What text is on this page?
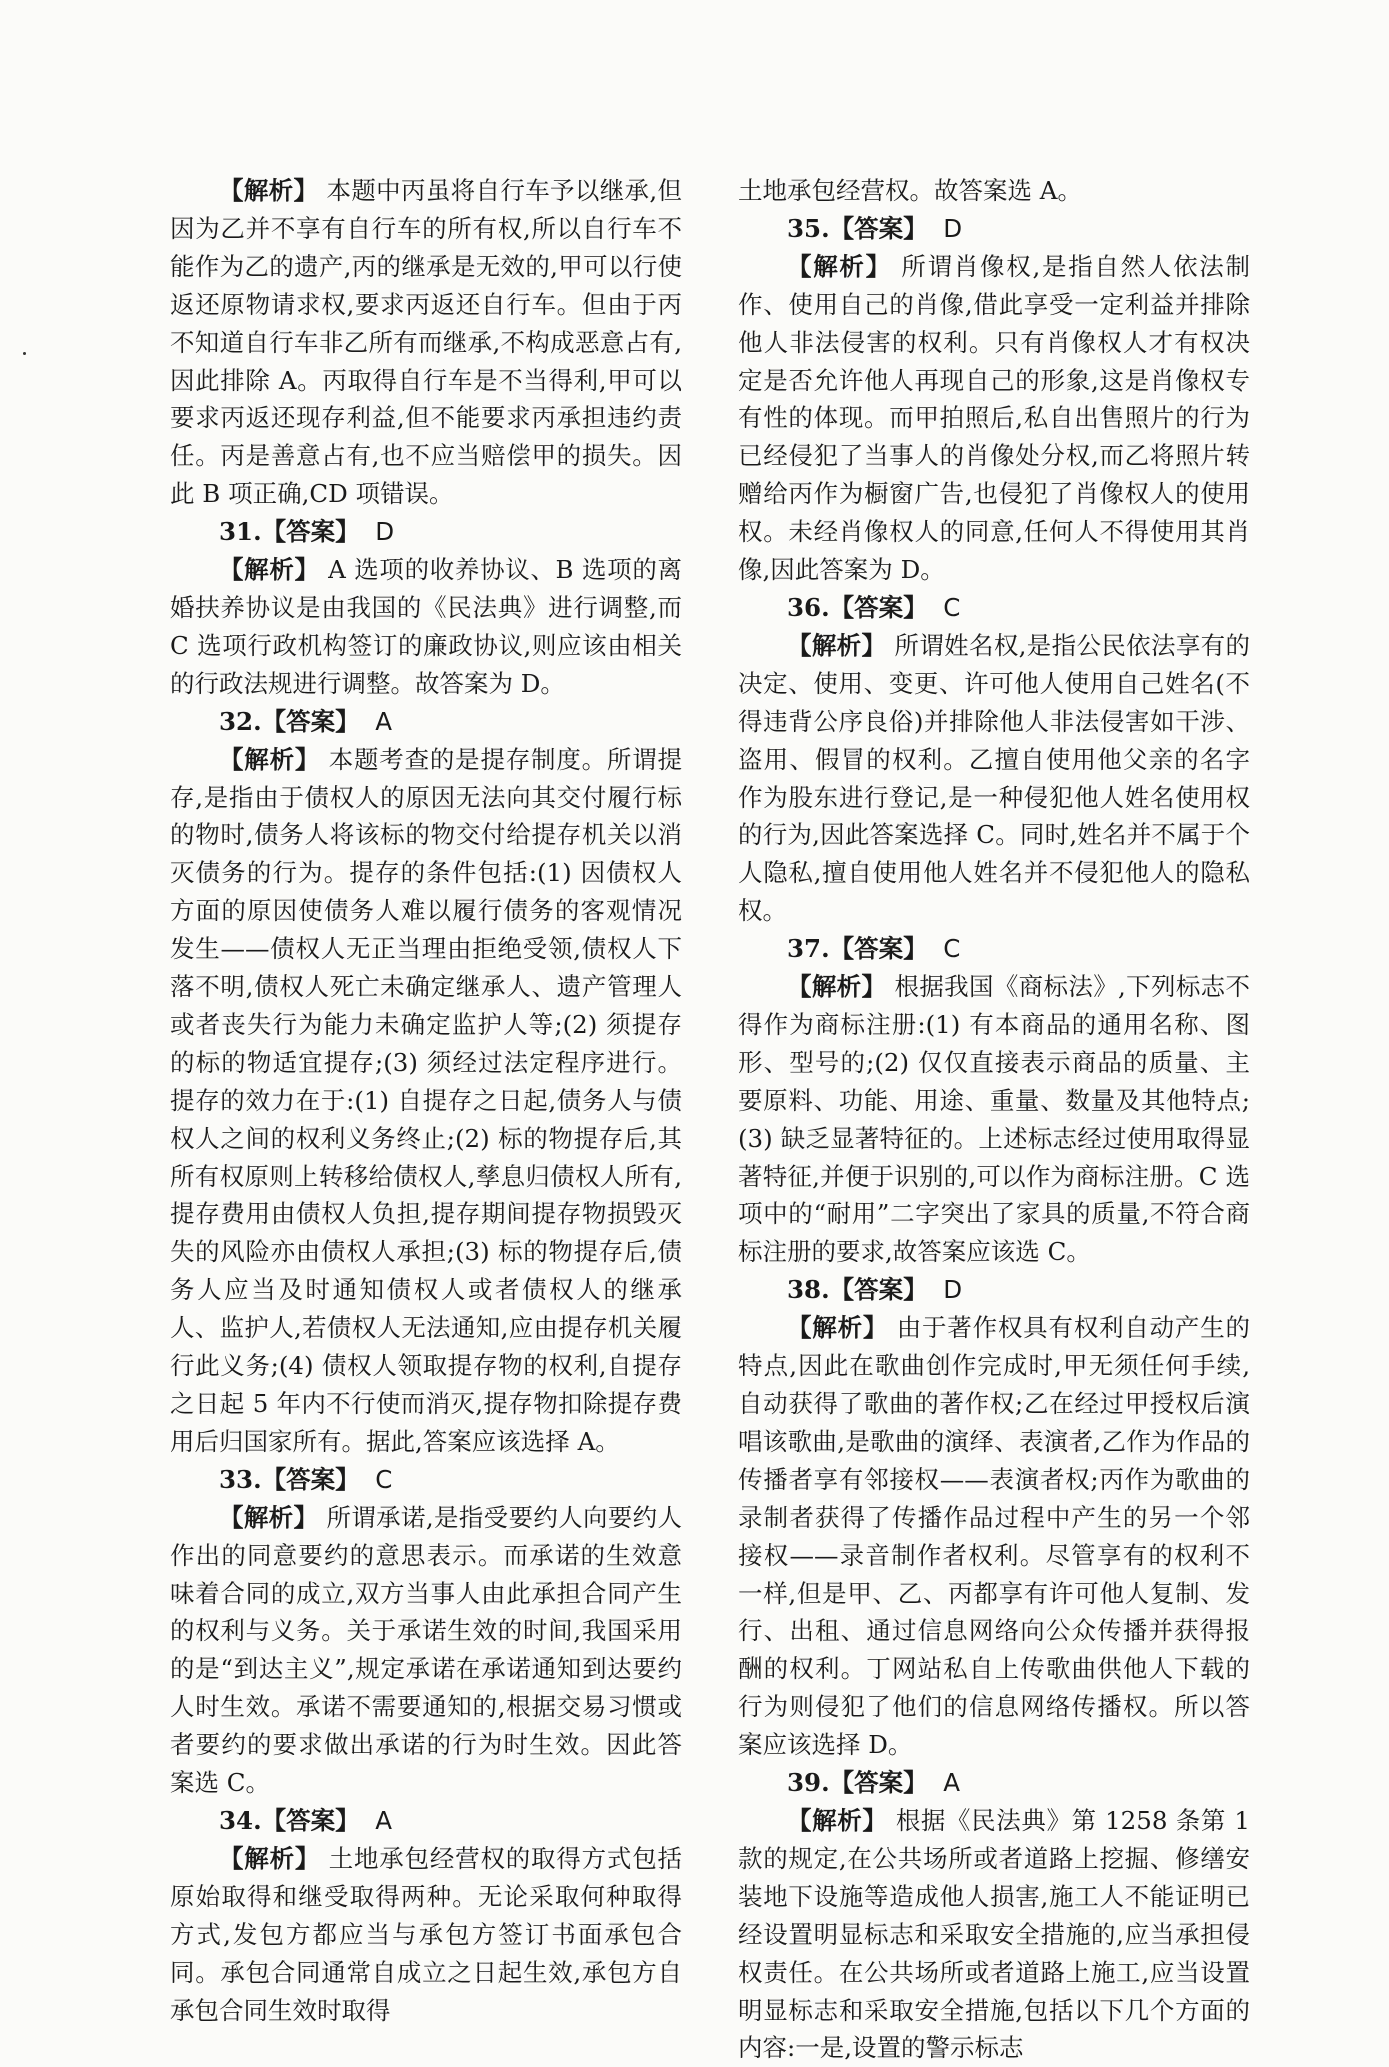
【解析】 本题中丙虽将自行车予以继承,但因为乙并不享有自行车的所有权,所以自行车不能作为乙的遗产,丙的继承是无效的,甲可以行使返还原物请求权,要求丙返还自行车。但由于丙不知道自行车非乙所有而继承,不构成恶意占有,因此排除 A。丙取得自行车是不当得利,甲可以要求丙返还现存利益,但不能要求丙承担违约责任。丙是善意占有,也不应当赔偿甲的损失。因此 B 项正确,CD 项错误。

31.【答案】 D

【解析】 A 选项的收养协议、B 选项的离婚扶养协议是由我国的《民法典》进行调整,而 C 选项行政机构签订的廉政协议,则应该由相关的行政法规进行调整。故答案为 D。

32.【答案】 A

【解析】 本题考查的是提存制度。所谓提存,是指由于债权人的原因无法向其交付履行标的物时,债务人将该标的物交付给提存机关以消灭债务的行为。提存的条件包括:(1) 因债权人方面的原因使债务人难以履行债务的客观情况发生——债权人无正当理由拒绝受领,债权人下落不明,债权人死亡未确定继承人、遗产管理人或者丧失行为能力未确定监护人等;(2) 须提存的标的物适宜提存;(3) 须经过法定程序进行。提存的效力在于:(1) 自提存之日起,债务人与债权人之间的权利义务终止;(2) 标的物提存后,其所有权原则上转移给债权人,孳息归债权人所有,提存费用由债权人负担,提存期间提存物损毁灭失的风险亦由债权人承担;(3) 标的物提存后,债务人应当及时通知债权人或者债权人的继承人、监护人,若债权人无法通知,应由提存机关履行此义务;(4) 债权人领取提存物的权利,自提存之日起 5 年内不行使而消灭,提存物扣除提存费用后归国家所有。据此,答案应该选择 A。

33.【答案】 C

【解析】 所谓承诺,是指受要约人向要约人作出的同意要约的意思表示。而承诺的生效意味着合同的成立,双方当事人由此承担合同产生的权利与义务。关于承诺生效的时间,我国采用的是“到达主义”,规定承诺在承诺通知到达要约人时生效。承诺不需要通知的,根据交易习惯或者要约的要求做出承诺的行为时生效。因此答案选 C。

34.【答案】 A

【解析】 土地承包经营权的取得方式包括原始取得和继受取得两种。无论采取何种取得方式,发包方都应当与承包方签订书面承包合同。承包合同通常自成立之日起生效,承包方自承包合同生效时取得

土地承包经营权。故答案选 A。

35.【答案】 D

【解析】 所谓肖像权,是指自然人依法制作、使用自己的肖像,借此享受一定利益并排除他人非法侵害的权利。只有肖像权人才有权决定是否允许他人再现自己的形象,这是肖像权专有性的体现。而甲拍照后,私自出售照片的行为已经侵犯了当事人的肖像处分权,而乙将照片转赠给丙作为橱窗广告,也侵犯了肖像权人的使用权。未经肖像权人的同意,任何人不得使用其肖像,因此答案为 D。

36.【答案】 C

【解析】 所谓姓名权,是指公民依法享有的决定、使用、变更、许可他人使用自己姓名(不得违背公序良俗)并排除他人非法侵害如干涉、盗用、假冒的权利。乙擅自使用他父亲的名字作为股东进行登记,是一种侵犯他人姓名使用权的行为,因此答案选择 C。同时,姓名并不属于个人隐私,擅自使用他人姓名并不侵犯他人的隐私权。

37.【答案】 C

【解析】 根据我国《商标法》,下列标志不得作为商标注册:(1) 有本商品的通用名称、图形、型号的;(2) 仅仅直接表示商品的质量、主要原料、功能、用途、重量、数量及其他特点;(3) 缺乏显著特征的。上述标志经过使用取得显著特征,并便于识别的,可以作为商标注册。C 选项中的“耐用”二字突出了家具的质量,不符合商标注册的要求,故答案应该选 C。

38.【答案】 D

【解析】 由于著作权具有权利自动产生的特点,因此在歌曲创作完成时,甲无须任何手续,自动获得了歌曲的著作权;乙在经过甲授权后演唱该歌曲,是歌曲的演绎、表演者,乙作为作品的传播者享有邻接权——表演者权;丙作为歌曲的录制者获得了传播作品过程中产生的另一个邻接权——录音制作者权利。尽管享有的权利不一样,但是甲、乙、丙都享有许可他人复制、发行、出租、通过信息网络向公众传播并获得报酬的权利。丁网站私自上传歌曲供他人下载的行为则侵犯了他们的信息网络传播权。所以答案应该选择 D。

39.【答案】 A

【解析】 根据《民法典》第 1258 条第 1 款的规定,在公共场所或者道路上挖掘、修缮安装地下设施等造成他人损害,施工人不能证明已经设置明显标志和采取安全措施的,应当承担侵权责任。在公共场所或者道路上施工,应当设置明显标志和采取安全措施,包括以下几个方面的内容:一是,设置的警示标志
